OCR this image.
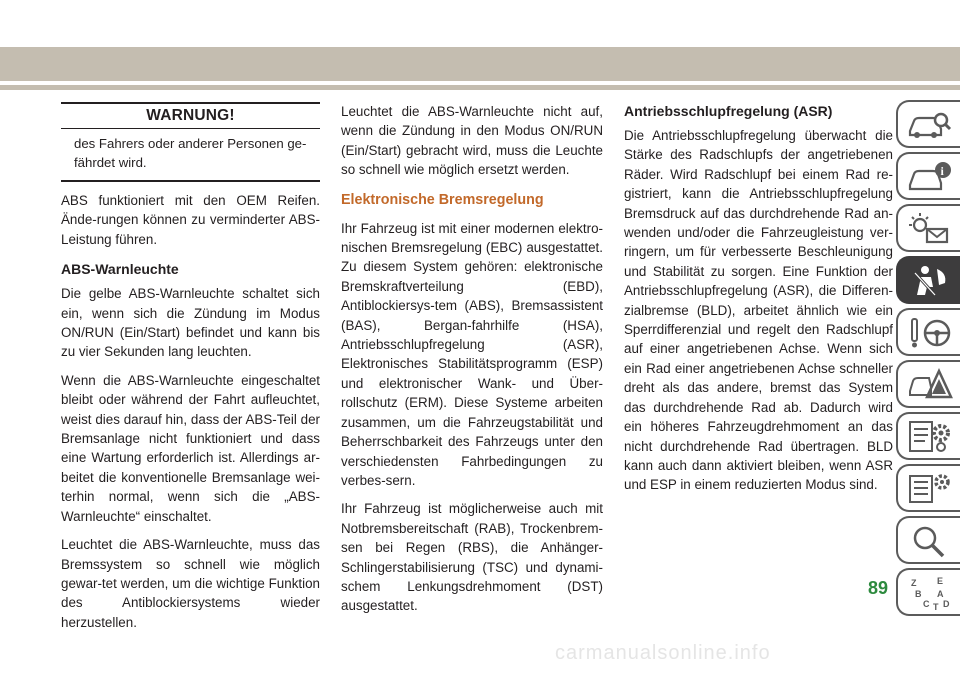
WARNUNG!
des Fahrers oder anderer Personen ge-
fährdet wird.

ABS funktioniert mit den OEM Reifen. Ände-rungen können zu verminderter ABS-Leistung führen.

ABS-Warnleuchte

Die gelbe ABS-Warnleuchte schaltet sich ein, wenn sich die Zündung im Modus ON/RUN (Ein/Start) befindet und kann bis zu vier Sekunden lang leuchten.

Wenn die ABS-Warnleuchte eingeschaltet bleibt oder während der Fahrt aufleuchtet, weist dies darauf hin, dass der ABS-Teil der Bremsanlage nicht funktioniert und dass eine Wartung erforderlich ist. Allerdings ar-beitet die konventionelle Bremsanlage wei-terhin normal, wenn sich die „ABS-Warnleuchte“ einschaltet.

Leuchtet die ABS-Warnleuchte, muss das Bremssystem so schnell wie möglich gewar-tet werden, um die wichtige Funktion des Antiblockiersystems wieder herzustellen.

Leuchtet die ABS-Warnleuchte nicht auf, wenn die Zündung in den Modus ON/RUN (Ein/Start) gebracht wird, muss die Leuchte so schnell wie möglich ersetzt werden.

Elektronische Bremsregelung

Ihr Fahrzeug ist mit einer modernen elektro-nischen Bremsregelung (EBC) ausgestattet. Zu diesem System gehören: elektronische Bremskraftverteilung (EBD), Antiblockiersys-tem (ABS), Bremsassistent (BAS), Bergan-fahrhilfe (HSA), Antriebsschlupfregelung (ASR), Elektronisches Stabilitätsprogramm (ESP) und elektronischer Wank- und Über-rollschutz (ERM). Diese Systeme arbeiten zusammen, um die Fahrzeugstabilität und Beherrschbarkeit des Fahrzeugs unter den verschiedensten Fahrbedingungen zu verbes-sern.

Ihr Fahrzeug ist möglicherweise auch mit Notbremsbereitschaft (RAB), Trockenbrem-sen bei Regen (RBS), die Anhänger-Schlingerstabilisierung (TSC) und dynami-schem Lenkungsdrehmoment (DST) ausgestattet.

Antriebsschlupfregelung (ASR)

Die Antriebsschlupfregelung überwacht die Stärke des Radschlupfs der angetriebenen Räder. Wird Radschlupf bei einem Rad re-gistriert, kann die Antriebsschlupfregelung Bremsdruck auf das durchdrehende Rad an-wenden und/oder die Fahrzeugleistung ver-ringern, um für verbesserte Beschleunigung und Stabilität zu sorgen. Eine Funktion der Antriebsschlupfregelung (ASR), die Differen-zialbremse (BLD), arbeitet ähnlich wie ein Sperrdifferenzial und regelt den Radschlupf auf einer angetriebenen Achse. Wenn sich ein Rad einer angetriebenen Achse schneller dreht als das andere, bremst das System das durchdrehende Rad ab. Dadurch wird ein höheres Fahrzeugdrehmoment an das nicht durchdrehende Rad übertragen. BLD kann auch dann aktiviert bleiben, wenn ASR und ESP in einem reduzierten Modus sind.

i
Z E
B A
C D
T
89
carmanualsonline.info
